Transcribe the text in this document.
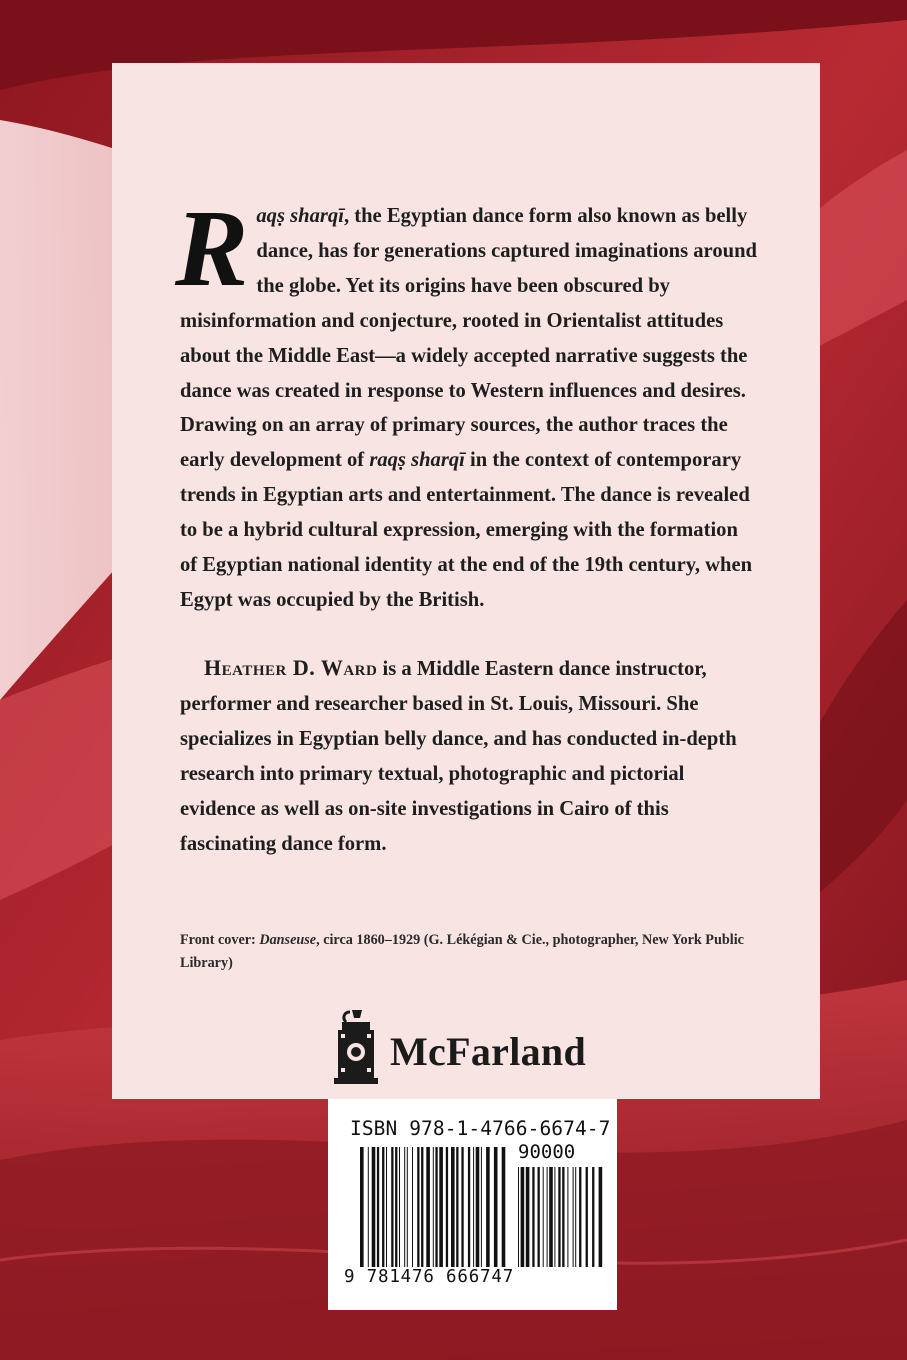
Raqṣ sharqī, the Egyptian dance form also known as belly dance, has for generations captured imaginations around the globe. Yet its origins have been obscured by misinformation and conjecture, rooted in Orientalist attitudes about the Middle East—a widely accepted narrative suggests the dance was created in response to Western influences and desires. Drawing on an array of primary sources, the author traces the early development of raqṣ sharqī in the context of contemporary trends in Egyptian arts and entertainment. The dance is revealed to be a hybrid cultural expression, emerging with the formation of Egyptian national identity at the end of the 19th century, when Egypt was occupied by the British.

Heather D. Ward is a Middle Eastern dance instructor, performer and researcher based in St. Louis, Missouri. She specializes in Egyptian belly dance, and has conducted in-depth research into primary textual, photographic and pictorial evidence as well as on-site investigations in Cairo of this fascinating dance form.

Front cover: Danseuse, circa 1860–1929 (G. Lékégian & Cie., photographer, New York Public Library)

McFarland
ISBN 978-1-4766-6674-7
90000
9 781476 666747
